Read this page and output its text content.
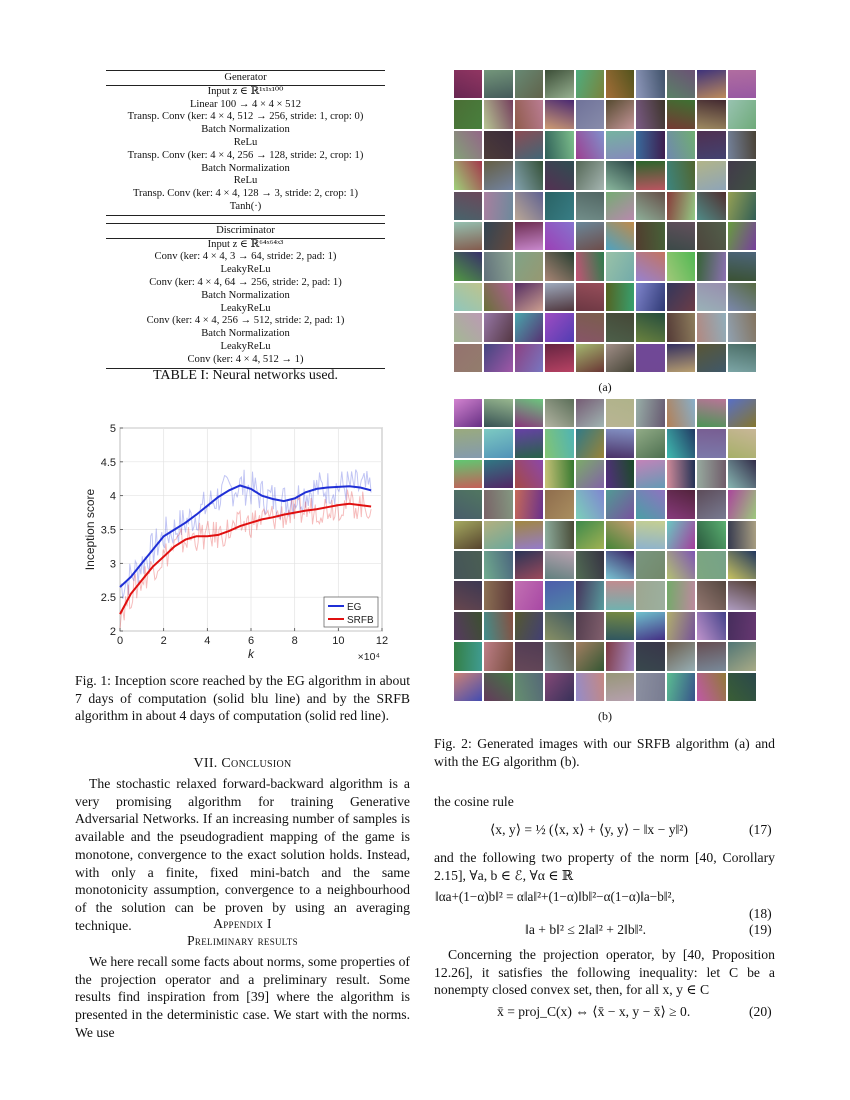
Generator
Input z ∈ ℝ¹ˣ¹ˣ¹⁰⁰
Linear 100 → 4 × 4 × 512
Transp. Conv (ker: 4 × 4, 512 → 256, stride: 1, crop: 0)
Batch Normalization
ReLu
Transp. Conv (ker: 4 × 4, 256 → 128, stride: 2, crop: 1)
Batch Normalization
ReLu
Transp. Conv (ker: 4 × 4, 128 → 3, stride: 2, crop: 1)
Tanh(·)
Discriminator
Input z ∈ ℝ⁶⁴ˣ⁶⁴ˣ³
Conv (ker: 4 × 4, 3 → 64, stride: 2, pad: 1)
LeakyReLu
Conv (ker: 4 × 4, 64 → 256, stride: 2, pad: 1)
Batch Normalization
LeakyReLu
Conv (ker: 4 × 4, 256 → 512, stride: 2, pad: 1)
Batch Normalization
LeakyReLu
Conv (ker: 4 × 4, 512 → 1)
TABLE I: Neural networks used.
0	2	4	6	8	10	12
2
2.5
3
3.5
4
4.5
5
k	×10⁴
Inception score
EG
SRFB
Fig. 1: Inception score reached by the EG algorithm in about 7 days of computation (solid blu line) and by the SRFB algorithm in about 4 days of computation (solid red line).
VII. Conclusion

The stochastic relaxed forward-backward algorithm is a very promising algorithm for training Generative Adversarial Networks. If an increasing number of samples is available and the pseudogradient mapping of the game is monotone, convergence to the exact solution holds. Instead, with only a finite, fixed mini-batch and the same monotonicity assumption, convergence to a neighbourhood of the solution can be proven by using an averaging technique.	Appendix I
Preliminary results

We here recall some facts about norms, some properties of the projection operator and a preliminary result. Some results find inspiration from [39] where the algorithm is presented in the deterministic case. We start with the norms. We use

(a)
(b)
Fig. 2: Generated images with our SRFB algorithm (a) and with the EG algorithm (b).
the cosine rule
⟨x, y⟩ = ½ (⟨x, x⟩ + ⟨y, y⟩ − ‖x − y‖²)	(17)
and the following two property of the norm [40, Corollary 2.15], ∀a, b ∈ ℰ, ∀α ∈ ℝ
‖αa+(1−α)b‖² = α‖a‖²+(1−α)‖b‖²−α(1−α)‖a−b‖²,
(18)
‖a + b‖² ≤ 2‖a‖² + 2‖b‖².	(19)

Concerning the projection operator, by [40, Proposition 12.26], it satisfies the following inequality: let C be a nonempty closed convex set, then, for all x, y ∈ C

x̄ = proj_C(x) ⇔ ⟨x̄ − x, y − x̄⟩ ≥ 0.	(20)
